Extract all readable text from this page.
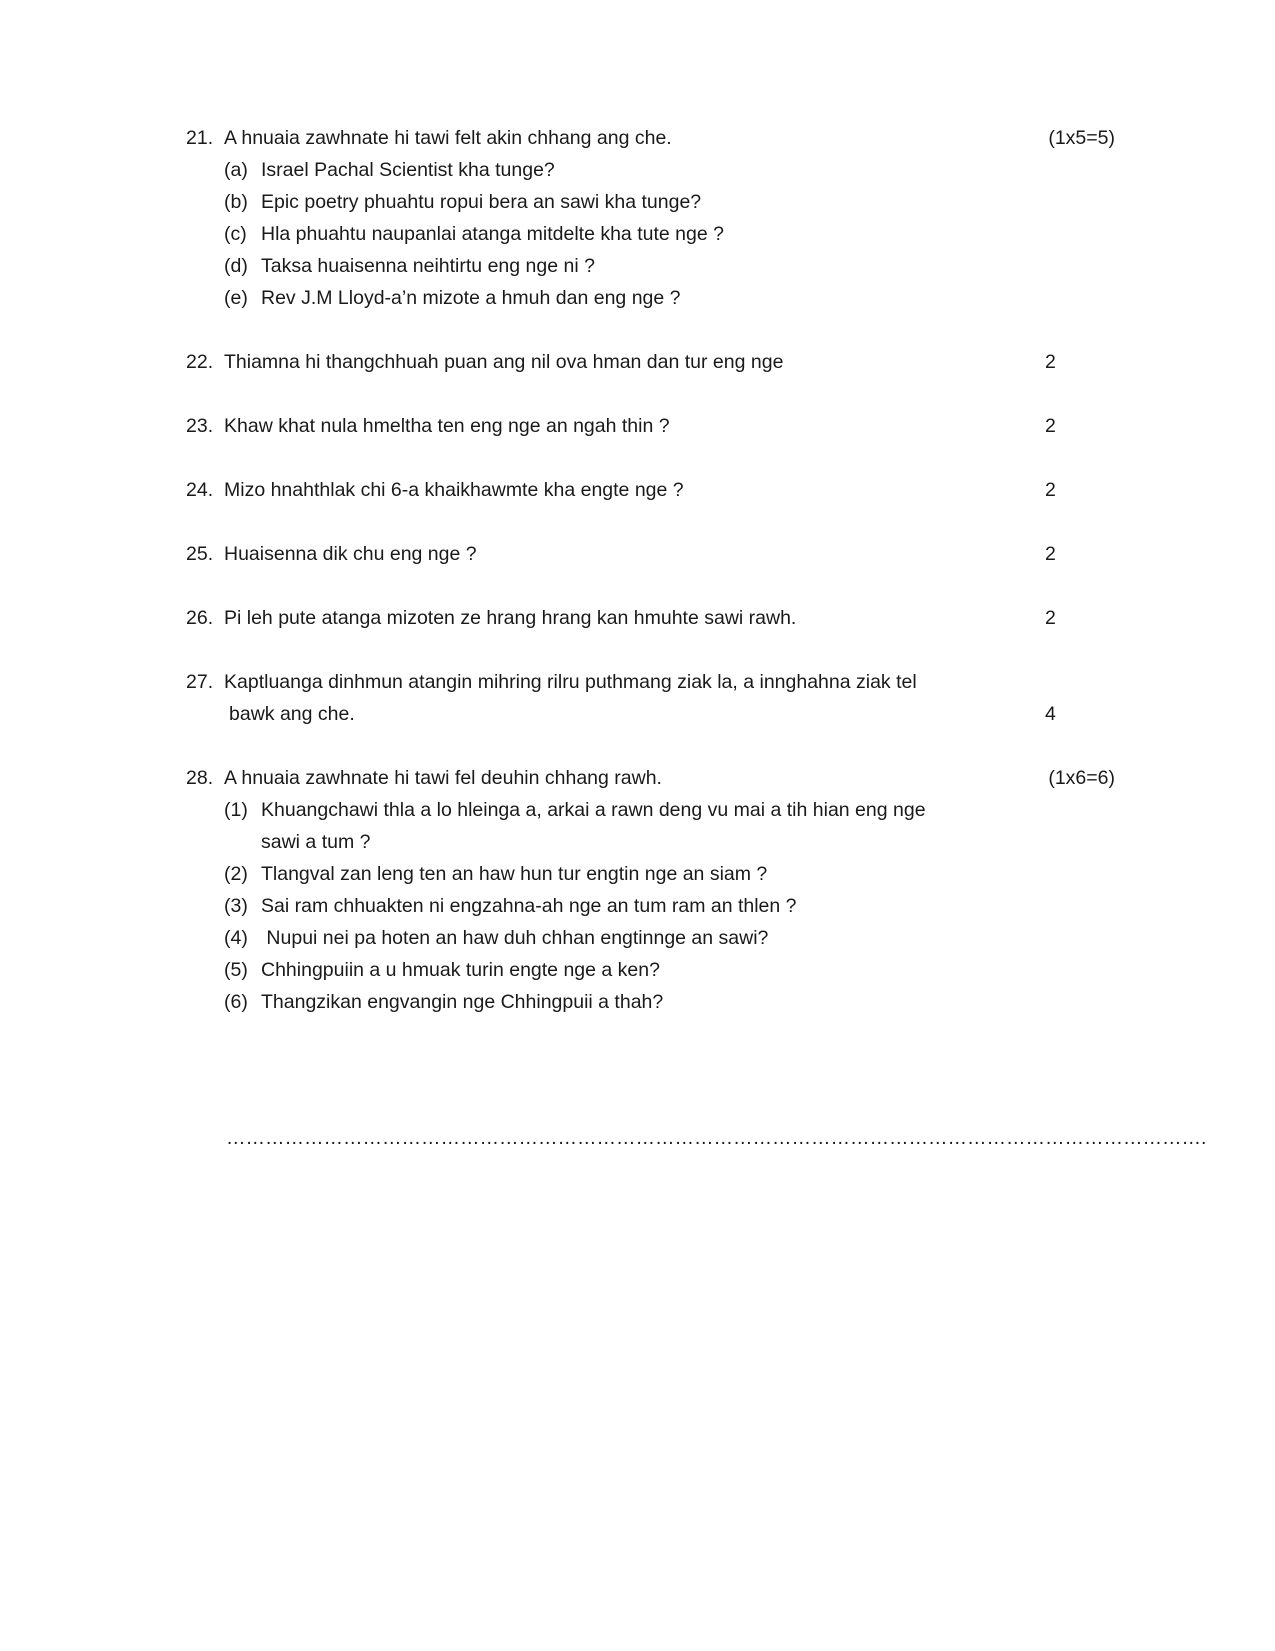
21. A hnuaia zawhnate hi tawi felt akin chhang ang che.	(1x5=5)
(a) Israel Pachal Scientist kha tunge?
(b) Epic poetry phuahtu ropui bera an sawi kha tunge?
(c) Hla phuahtu naupanlai atanga mitdelte kha tute nge ?
(d) Taksa huaisenna neihtirtu eng nge ni ?
(e) Rev J.M Lloyd-a’n mizote a hmuh dan eng nge ?
22. Thiamna hi thangchhuah puan ang nil ova hman dan tur eng nge	2
23. Khaw khat nula hmeltha ten eng nge an ngah thin ?	2
24. Mizo hnahthlak chi 6-a khaikhawmte kha engte nge ?	2
25. Huaisenna dik chu eng nge ?	2
26. Pi leh pute atanga mizoten ze hrang hrang kan hmuhte sawi rawh.	2
27. Kaptluanga dinhmun atangin mihring rilru puthmang ziak la, a innghahna ziak tel
bawk ang che.	4
28. A hnuaia zawhnate hi tawi fel deuhin chhang rawh.	(1x6=6)
(1) Khuangchawi thla a lo hleinga a, arkai a rawn deng vu mai a tih hian eng nge
sawi a tum ?
(2) Tlangval zan leng ten an haw hun tur engtin nge an siam ?
(3) Sai ram chhuakten ni engzahna-ah nge an tum ram an thlen ?
(4) Nupui nei pa hoten an haw duh chhan engtinnge an sawi?
(5) Chhingpuiin a u hmuak turin engte nge a ken?
(6) Thangzikan engvangin nge Chhingpuii a thah?
…………………………………………………………………………………………………………………………………….
